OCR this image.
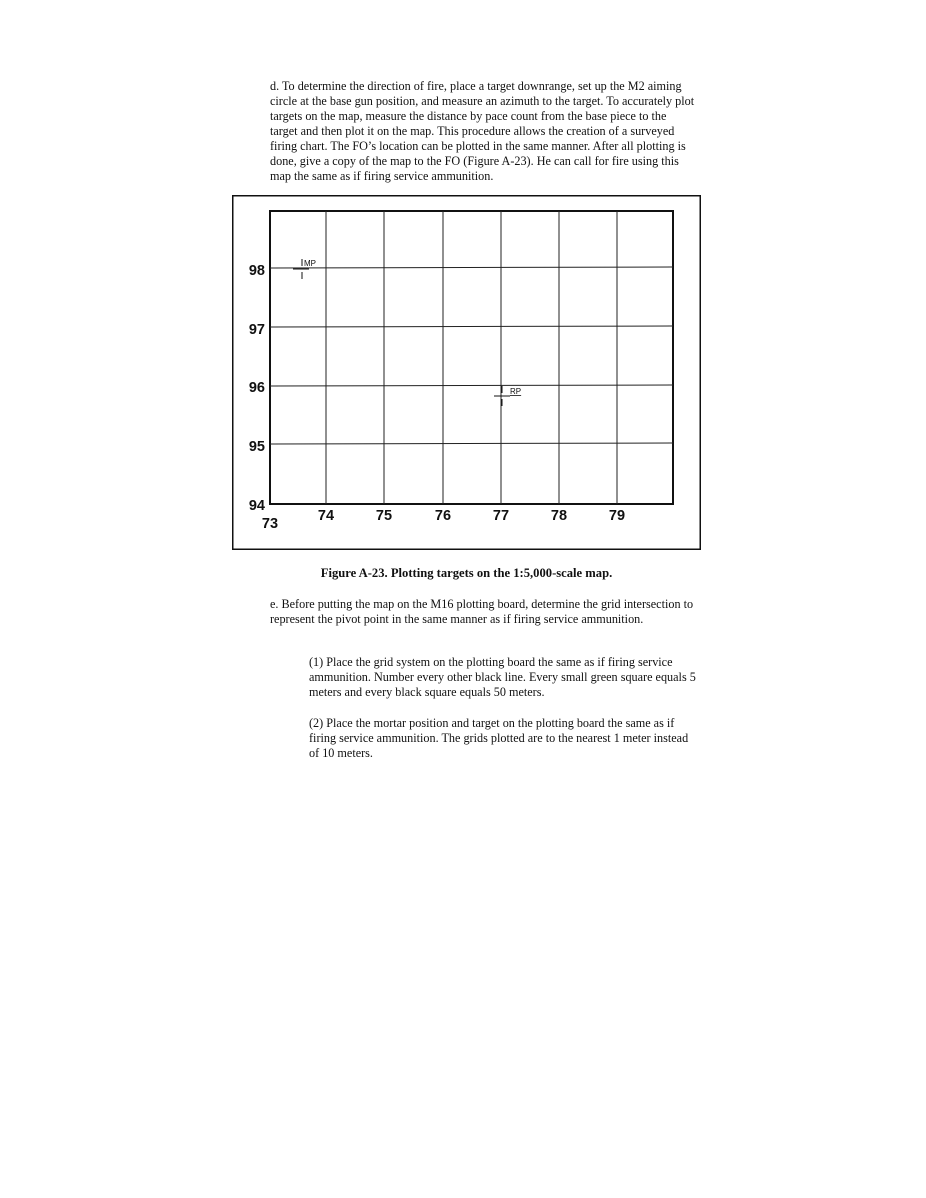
d. To determine the direction of fire, place a target downrange, set up the M2 aiming circle at the base gun position, and measure an azimuth to the target. To accurately plot targets on the map, measure the distance by pace count from the base piece to the target and then plot it on the map. This procedure allows the creation of a surveyed firing chart. The FO’s location can be plotted in the same manner. After all plotting is done, give a copy of the map to the FO (Figure A-23). He can call for fire using this map the same as if firing service ammunition.

98
97
96
95
94
73	74	75	76	77	78	79
MP
RP

Figure A-23. Plotting targets on the 1:5,000-scale map.

e. Before putting the map on the M16 plotting board, determine the grid intersection to represent the pivot point in the same manner as if firing service ammunition.

(1) Place the grid system on the plotting board the same as if firing service ammunition. Number every other black line. Every small green square equals 5 meters and every black square equals 50 meters.

(2) Place the mortar position and target on the plotting board the same as if firing service ammunition. The grids plotted are to the nearest 1 meter instead of 10 meters.
